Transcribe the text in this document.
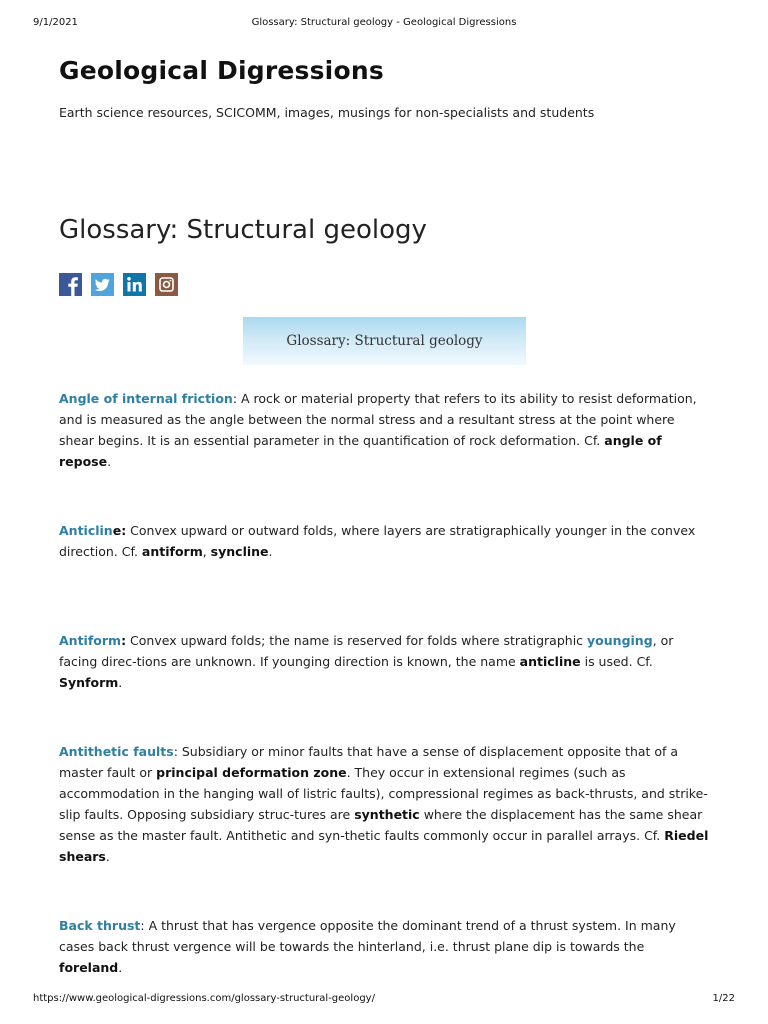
9/1/2021	Glossary: Structural geology - Geological Digressions
Geological Digressions

Earth science resources, SCICOMM, images, musings for non-specialists and students

Glossary: Structural geology
Glossary: Structural geology

Angle of internal friction: A rock or material property that refers to its ability to resist deformation, and is measured as the angle between the normal stress and a resultant stress at the point where shear begins. It is an essential parameter in the quantification of rock deformation. Cf. angle of repose.

Anticline: Convex upward or outward folds, where layers are stratigraphically younger in the convex direction. Cf. antiform, syncline.

Antiform: Convex upward folds; the name is reserved for folds where stratigraphic younging, or facing direc-tions are unknown. If younging direction is known, the name anticline is used. Cf. Synform.

Antithetic faults: Subsidiary or minor faults that have a sense of displacement opposite that of a master fault or principal deformation zone. They occur in extensional regimes (such as accommodation in the hanging wall of listric faults), compressional regimes as back-thrusts, and strike-slip faults. Opposing subsidiary struc-tures are synthetic where the displacement has the same shear sense as the master fault. Antithetic and syn-thetic faults commonly occur in parallel arrays. Cf. Riedel shears.

Back thrust: A thrust that has vergence opposite the dominant trend of a thrust system. In many cases back thrust vergence will be towards the hinterland, i.e. thrust plane dip is towards the foreland.

https://www.geological-digressions.com/glossary-structural-geology/	1/22
